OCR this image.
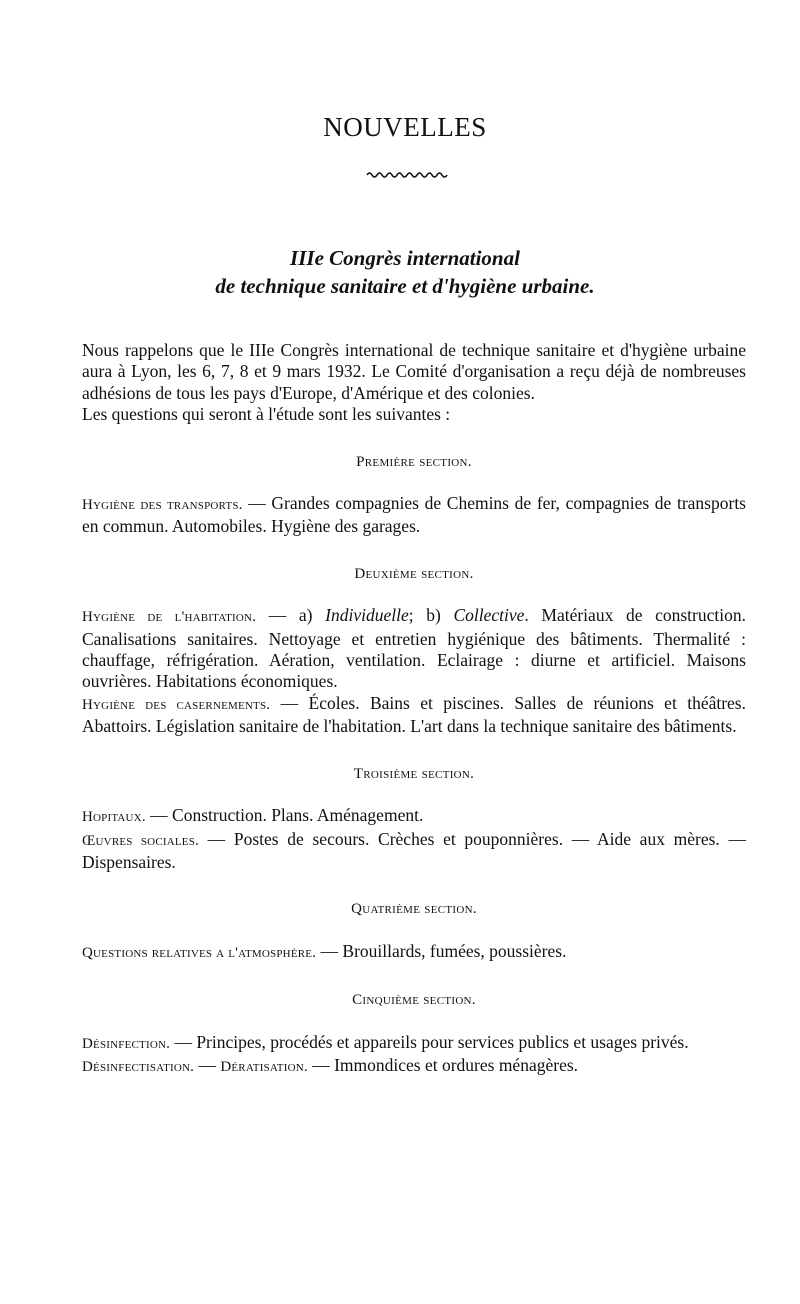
NOUVELLES
IIIe Congrès international
de technique sanitaire et d'hygiène urbaine.

Nous rappelons que le IIIe Congrès international de technique sanitaire et d'hygiène urbaine aura à Lyon, les 6, 7, 8 et 9 mars 1932. Le Comité d'organisation a reçu déjà de nombreuses adhésions de tous les pays d'Europe, d'Amérique et des colonies.

Les questions qui seront à l'étude sont les suivantes :

Première section.

Hygiène des transports. — Grandes compagnies de Chemins de fer, compagnies de transports en commun. Automobiles. Hygiène des garages.

Deuxième section.

Hygiène de l'habitation. — a) Individuelle; b) Collective. Matériaux de construction. Canalisations sanitaires. Nettoyage et entretien hygiénique des bâtiments. Thermalité : chauffage, réfrigération. Aération, ventilation. Eclairage : diurne et artificiel. Maisons ouvrières. Habitations économiques.

Hygiène des casernements. — Écoles. Bains et piscines. Salles de réunions et théâtres. Abattoirs. Législation sanitaire de l'habitation. L'art dans la technique sanitaire des bâtiments.

Troisième section.

Hopitaux. — Construction. Plans. Aménagement.

Œuvres sociales. — Postes de secours. Crèches et pouponnières. — Aide aux mères. — Dispensaires.

Quatrième section.

Questions relatives a l'atmosphère. — Brouillards, fumées, poussières.

Cinquième section.

Désinfection. — Principes, procédés et appareils pour services publics et usages privés.

Désinfectisation. — Dératisation. — Immondices et ordures ménagères.
